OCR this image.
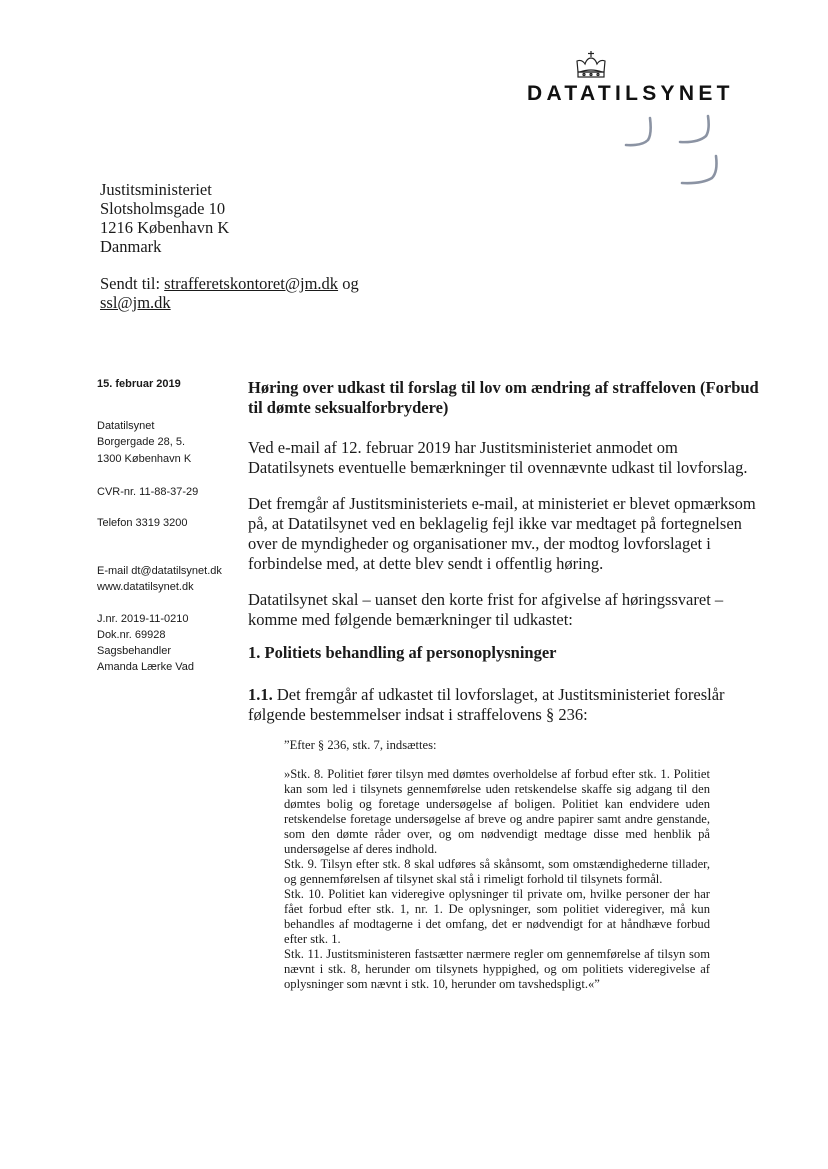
DATATILSYNET
Justitsministeriet
Slotsholmsgade 10
1216 København K
Danmark
Sendt til: strafferetskontoret@jm.dk og
ssl@jm.dk
15. februar 2019
Datatilsynet
Borgergade 28, 5.
1300 København K
CVR-nr. 11-88-37-29
Telefon 3319 3200
E-mail dt@datatilsynet.dk
www.datatilsynet.dk
J.nr. 2019-11-0210
Dok.nr. 69928
Sagsbehandler
Amanda Lærke Vad
Høring over udkast til forslag til lov om ændring af straffeloven (Forbud til dømte seksualforbrydere)
Ved e-mail af 12. februar 2019 har Justitsministeriet anmodet om Datatilsynets eventuelle bemærkninger til ovennævnte udkast til lovforslag.
Det fremgår af Justitsministeriets e-mail, at ministeriet er blevet opmærksom på, at Datatilsynet ved en beklagelig fejl ikke var medtaget på fortegnelsen over de myndigheder og organisationer mv., der modtog lovforslaget i forbindelse med, at dette blev sendt i offentlig høring.
Datatilsynet skal – uanset den korte frist for afgivelse af høringssvaret – komme med følgende bemærkninger til udkastet:
1. Politiets behandling af personoplysninger
1.1. Det fremgår af udkastet til lovforslaget, at Justitsministeriet foreslår følgende bestemmelser indsat i straffelovens § 236:
”Efter § 236, stk. 7, indsættes:

»Stk. 8. Politiet fører tilsyn med dømtes overholdelse af forbud efter stk. 1. Politiet kan som led i tilsynets gennemførelse uden retskendelse skaffe sig adgang til den dømtes bolig og foretage undersøgelse af boligen. Politiet kan endvidere uden retskendelse foretage undersøgelse af breve og andre papirer samt andre genstande, som den dømte råder over, og om nødvendigt medtage disse med henblik på undersøgelse af deres indhold.

Stk. 9. Tilsyn efter stk. 8 skal udføres så skånsomt, som omstændighederne tillader, og gennemførelsen af tilsynet skal stå i rimeligt forhold til tilsynets formål.

Stk. 10. Politiet kan videregive oplysninger til private om, hvilke personer der har fået forbud efter stk. 1, nr. 1. De oplysninger, som politiet videregiver, må kun behandles af modtagerne i det omfang, det er nødvendigt for at håndhæve forbud efter stk. 1.

Stk. 11. Justitsministeren fastsætter nærmere regler om gennemførelse af tilsyn som nævnt i stk. 8, herunder om tilsynets hyppighed, og om politiets videregivelse af oplysninger som nævnt i stk. 10, herunder om tavshedspligt.«”
